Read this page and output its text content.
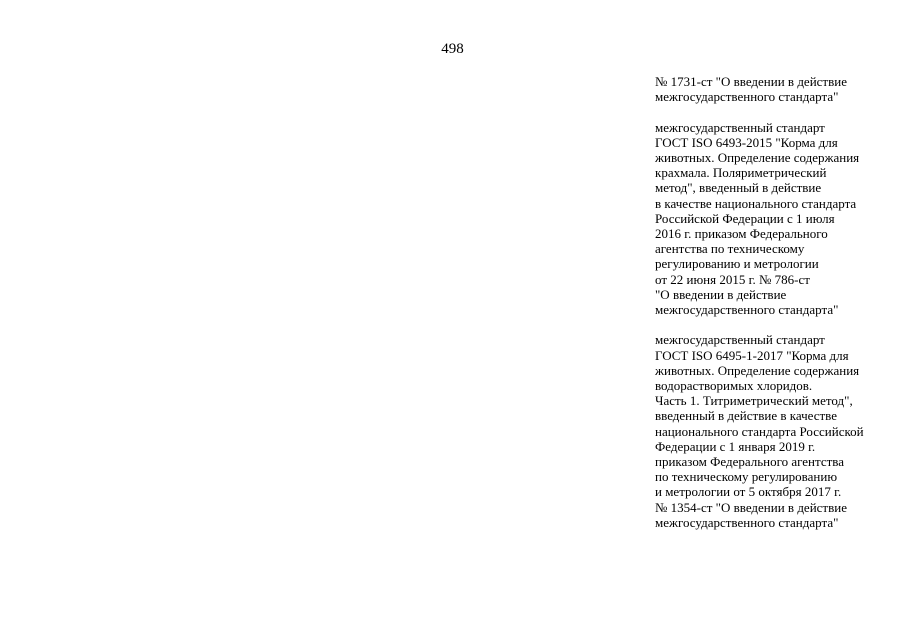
498

№ 1731-ст "О введении в действие
межгосударственного стандарта"

межгосударственный стандарт
ГОСТ ISO 6493-2015 "Корма для
животных. Определение содержания
крахмала. Поляриметрический
метод", введенный в действие
в качестве национального стандарта
Российской Федерации с 1 июля
2016 г. приказом Федерального
агентства по техническому
регулированию и метрологии
от 22 июня 2015 г. № 786-ст
"О введении в действие
межгосударственного стандарта"

межгосударственный стандарт
ГОСТ ISO 6495-1-2017 "Корма для
животных. Определение содержания
водорастворимых хлоридов.
Часть 1. Титриметрический метод",
введенный в действие в качестве
национального стандарта Российской
Федерации с 1 января 2019 г.
приказом Федерального агентства
по техническому регулированию
и метрологии от 5 октября 2017 г.
№ 1354-ст "О введении в действие
межгосударственного стандарта"
